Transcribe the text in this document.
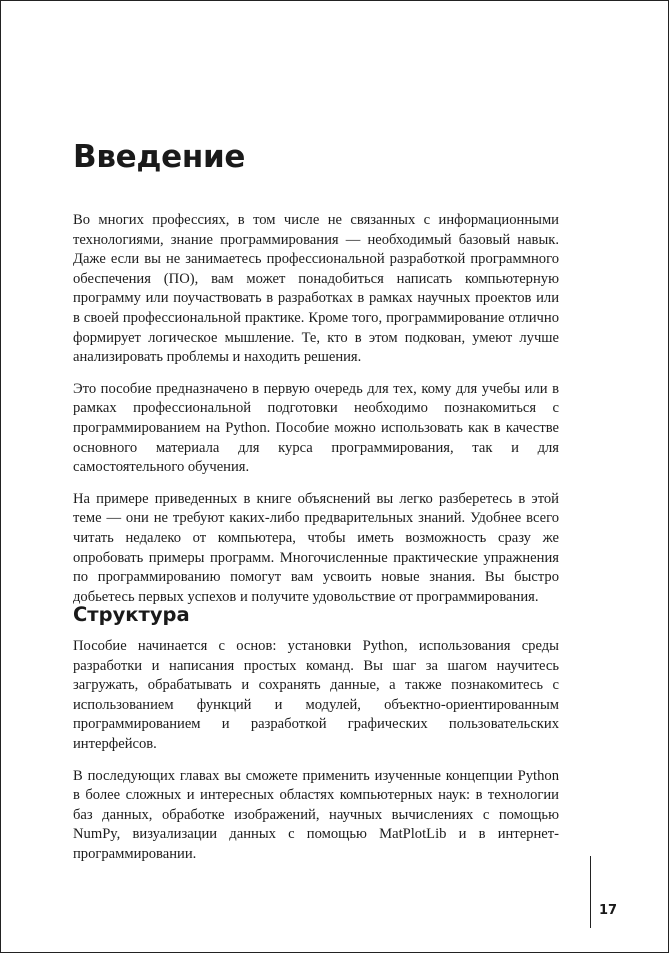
Введение

Во многих профессиях, в том числе не связанных с информационными технологиями, знание программирования — необходимый базовый навык. Даже если вы не занимаетесь профессиональной разработкой программного обеспечения (ПО), вам может понадобиться написать компьютерную программу или поучаствовать в разработках в рамках научных проектов или в своей профессиональной практике. Кроме того, программирование отлично формирует логическое мышление. Те, кто в этом подкован, умеют лучше анализировать проблемы и находить решения.

Это пособие предназначено в первую очередь для тех, кому для учебы или в рамках профессиональной подготовки необходимо познакомиться с программированием на Python. Пособие можно использовать как в качестве основного материала для курса программирования, так и для самостоятельного обучения.

На примере приведенных в книге объяснений вы легко разберетесь в этой теме — они не требуют каких-либо предварительных знаний. Удобнее всего читать недалеко от компьютера, чтобы иметь возможность сразу же опробовать примеры программ. Многочисленные практические упражнения по программированию помогут вам усвоить новые знания. Вы быстро добьетесь первых успехов и получите удовольствие от программирования.

Структура

Пособие начинается с основ: установки Python, использования среды разработки и написания простых команд. Вы шаг за шагом научитесь загружать, обрабатывать и сохранять данные, а также познакомитесь с использованием функций и модулей, объектно-ориентированным программированием и разработкой графических пользовательских интерфейсов.

В последующих главах вы сможете применить изученные концепции Python в более сложных и интересных областях компьютерных наук: в технологии баз данных, обработке изображений, научных вычислениях с помощью NumPy, визуализации данных с помощью MatPlotLib и в интернет-программировании.

17
